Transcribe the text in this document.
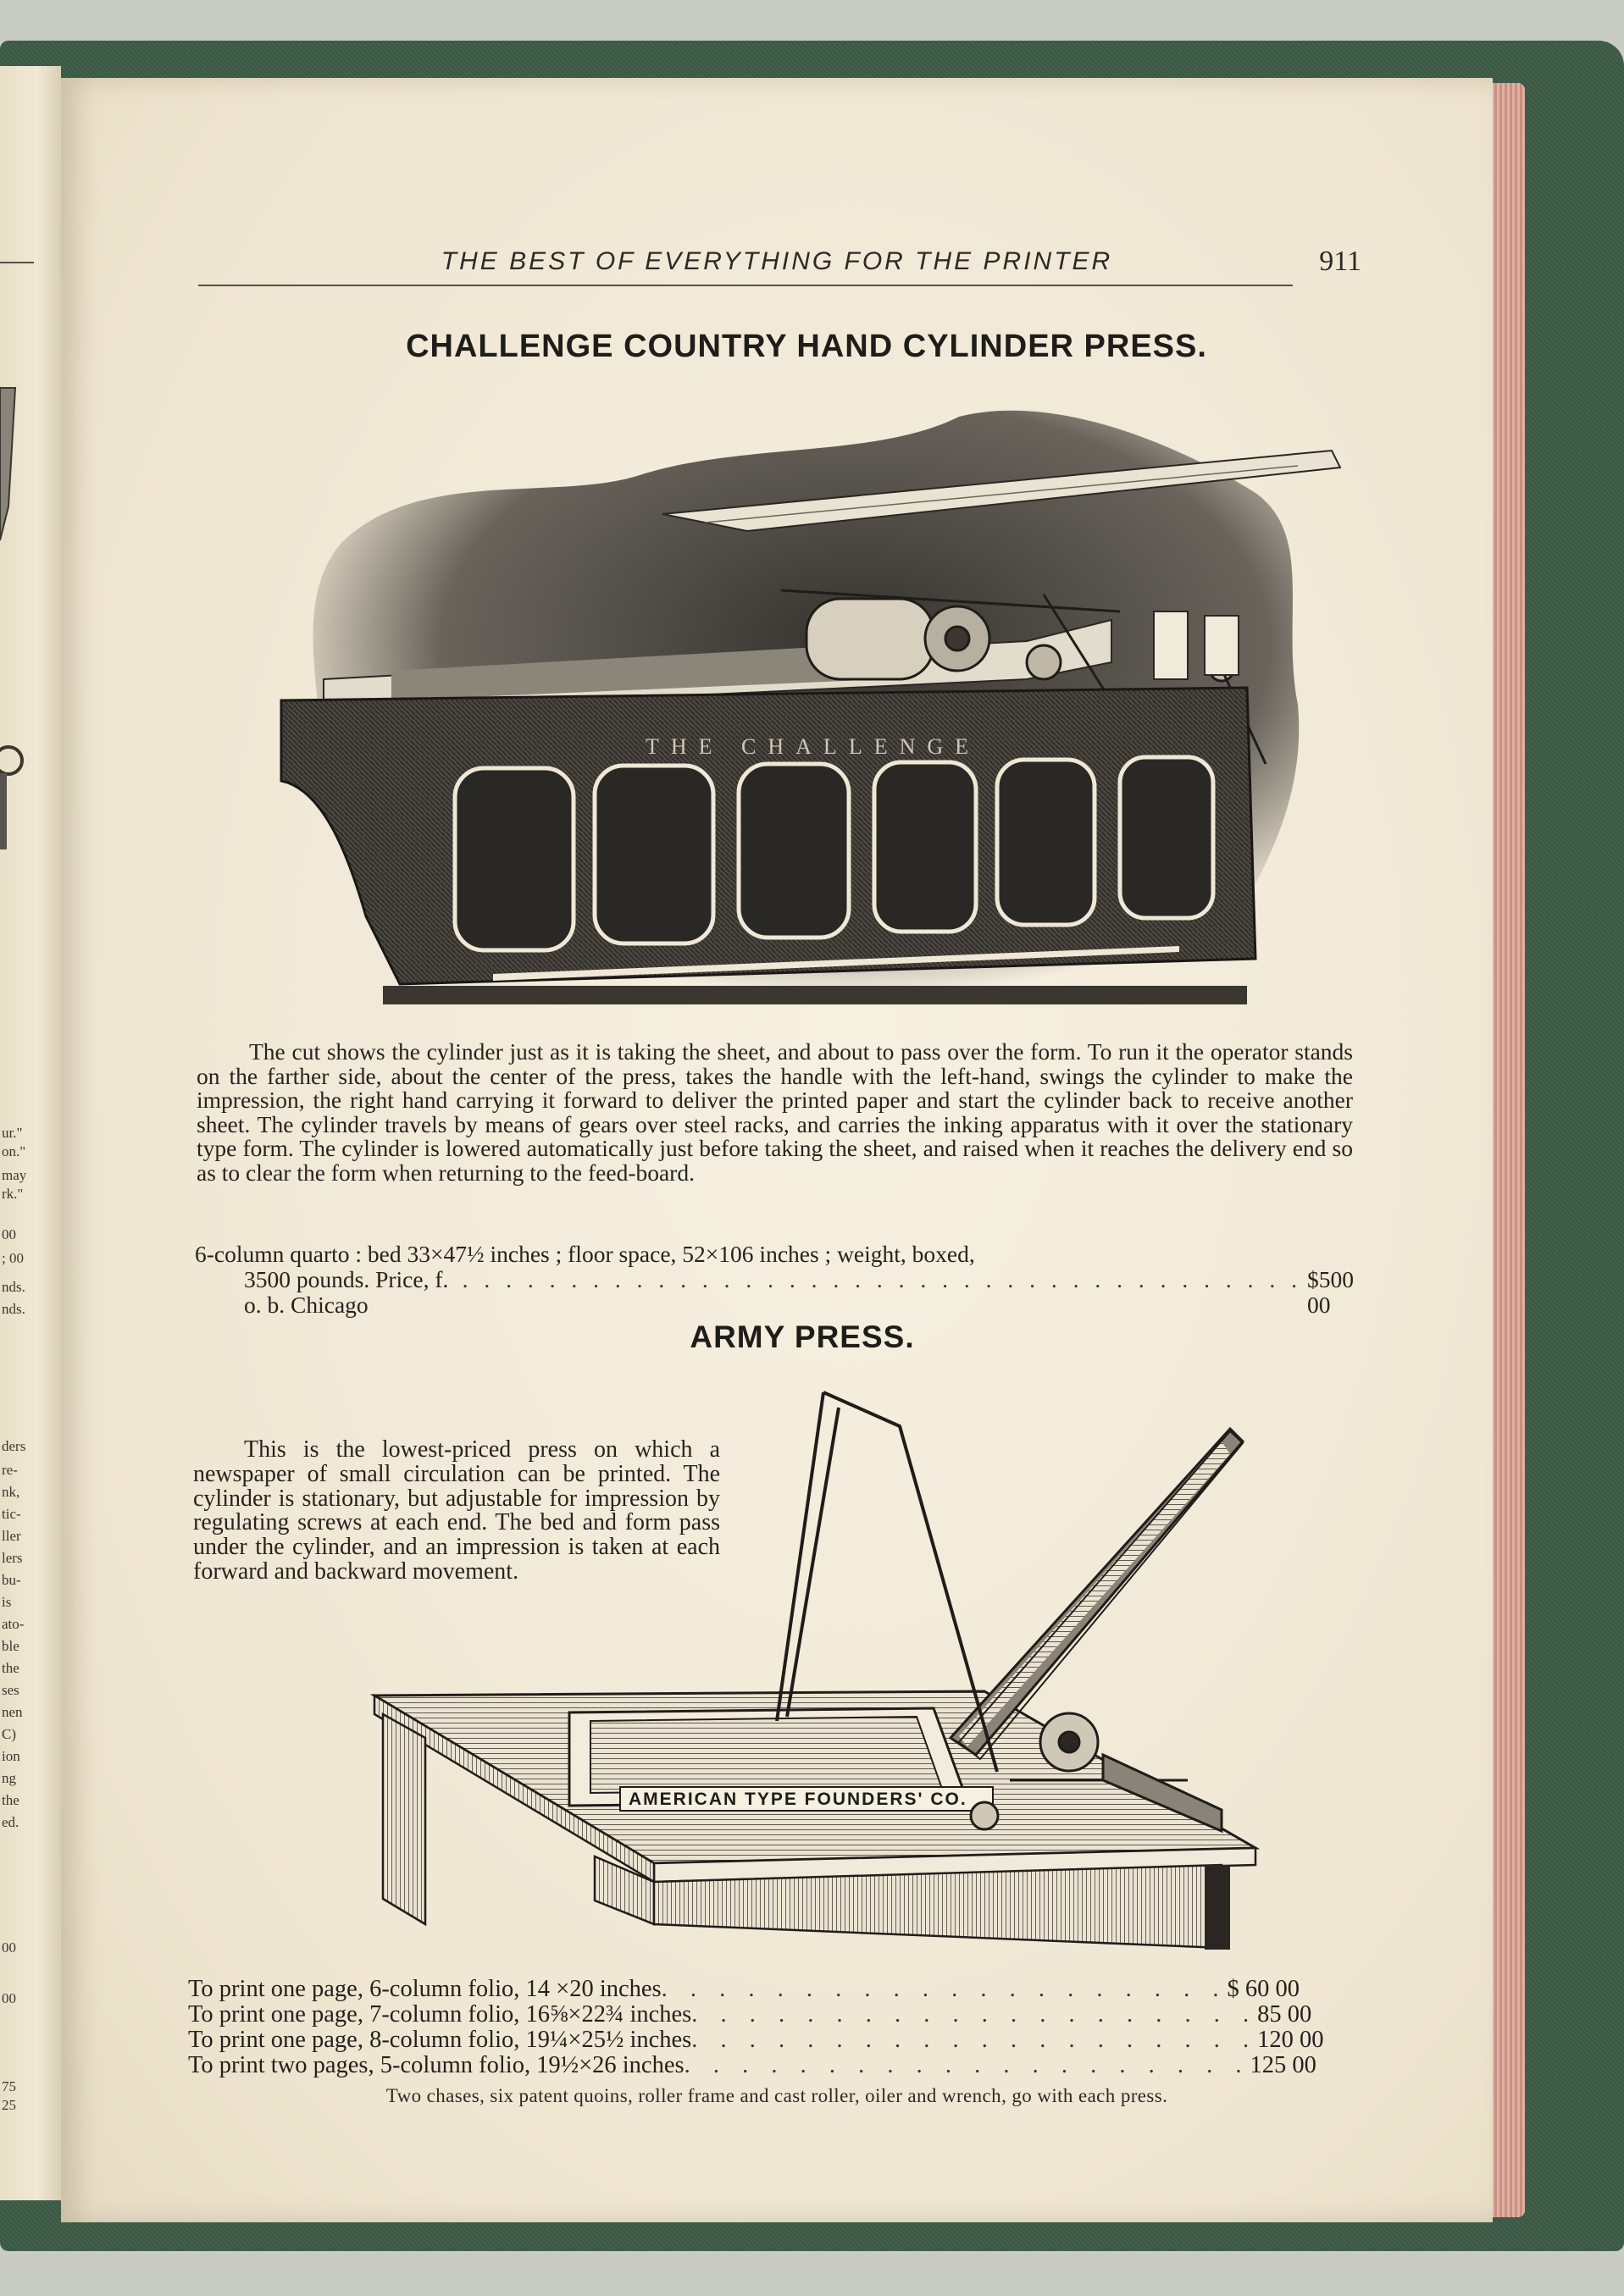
ur."
on."
may
rk."
00
; 00
nds.
nds.
ders
re-
nk,
tic-
ller
lers
bu-
is
ato-
ble
the
ses
nen
C)
ion
ng
the
ed.
00
00
75
25
THE BEST OF EVERYTHING FOR THE PRINTER	911
CHALLENGE COUNTRY HAND CYLINDER PRESS.
THE CHALLENGE
The cut shows the cylinder just as it is taking the sheet, and about to pass over the form. To run it the operator stands on the farther side, about the center of the press, takes the handle with the left-hand, swings the cylinder to make the impression, the right hand carrying it forward to deliver the printed paper and start the cylinder back to receive another sheet. The cylinder travels by means of gears over steel racks, and carries the inking apparatus with it over the stationary type form. The cylinder is lowered automatically just before taking the sheet, and raised when it reaches the delivery end so as to clear the form when returning to the feed-board.
6-column quarto : bed 33×47½ inches ; floor space, 52×106 inches ; weight, boxed,
3500 pounds. Price, f. o. b. Chicago
. . . . . . . . . . . . . . . . . . . . . . . . . . . . . . . . . . . . . . . $500 00
ARMY PRESS.
This is the lowest-priced press on which a newspaper of small circulation can be printed. The cylinder is stationary, but adjustable for impression by regulating screws at each end. The bed and form pass under the cylinder, and an impression is taken at each forward and backward movement.
AMERICAN TYPE FOUNDERS' CO.
To print one page, 6-column folio, 14 ×20 inches . . . . . . . . . . . . . . . . . . . . $ 60 00
To print one page, 7-column folio, 16⅝×22¾ inches . . . . . . . . . . . . . . . . . . . . 85 00
To print one page, 8-column folio, 19¼×25½ inches . . . . . . . . . . . . . . . . . . . . 120 00
To print two pages, 5-column folio, 19½×26 inches . . . . . . . . . . . . . . . . . . . . 125 00
Two chases, six patent quoins, roller frame and cast roller, oiler and wrench, go with each press.
